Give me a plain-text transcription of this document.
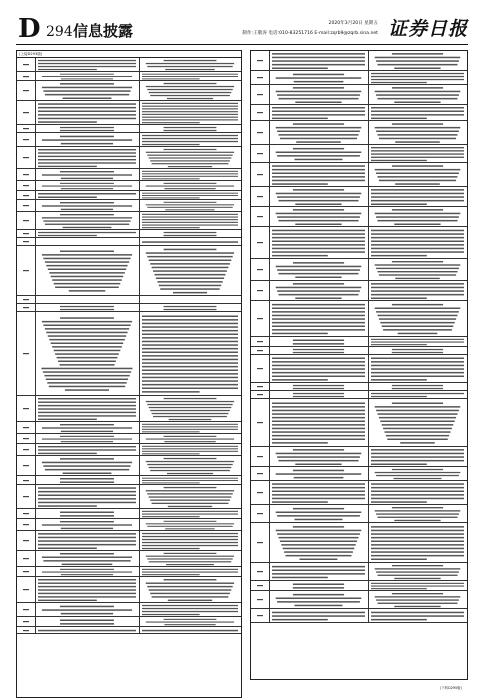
D 294 信息披露	2020年3月20日 星期五
制作:王敬涛 电话:010-83251716 E-mail:zqrb9@zqrb.sina.net 证券日报
(上接D293版)
(下转D295版)
